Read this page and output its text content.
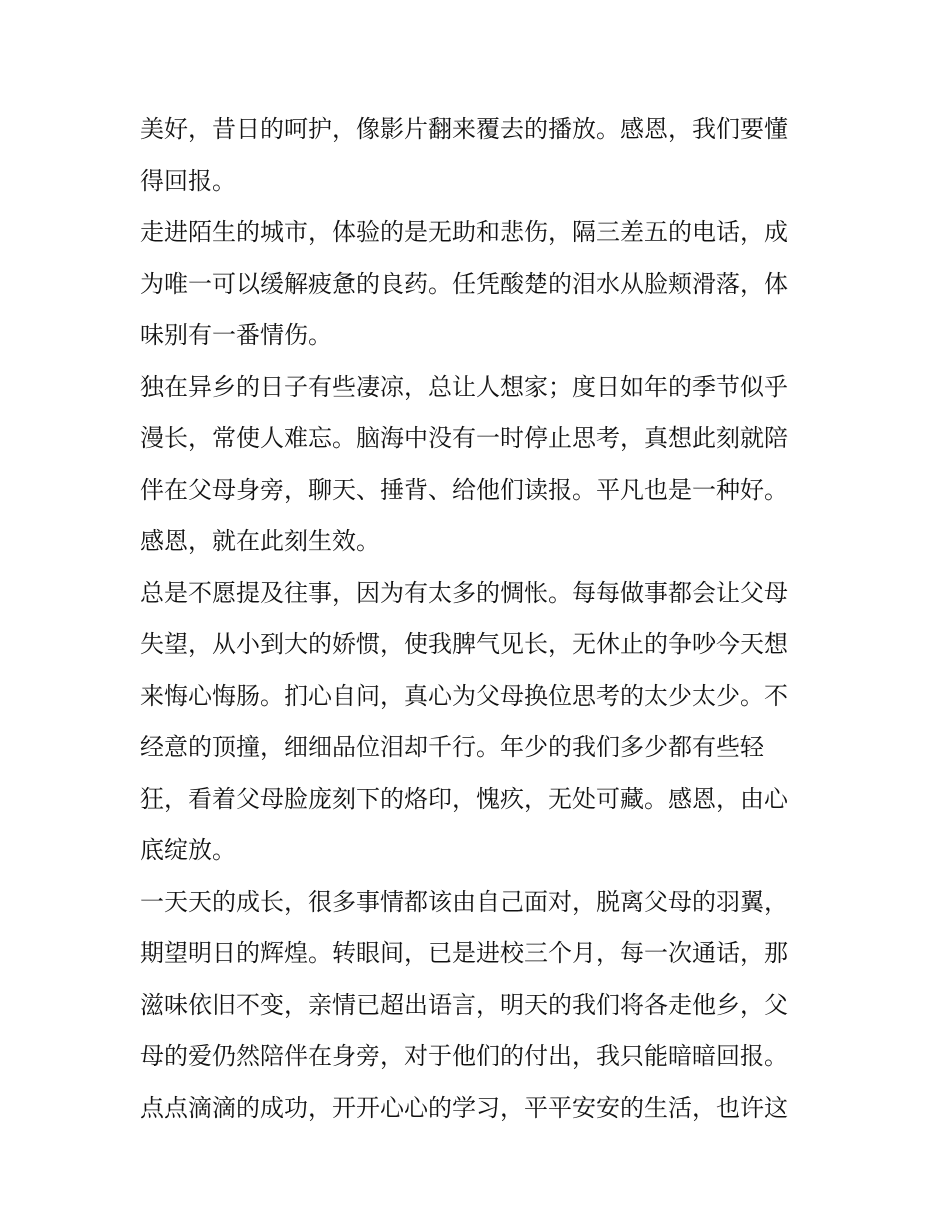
美好，昔日的呵护，像影片翻来覆去的播放。感恩，我们要懂
得回报。
走进陌生的城市，体验的是无助和悲伤，隔三差五的电话，成
为唯一可以缓解疲惫的良药。任凭酸楚的泪水从脸颊滑落，体
味别有一番情伤。
独在异乡的日子有些凄凉，总让人想家；度日如年的季节似乎
漫长，常使人难忘。脑海中没有一时停止思考，真想此刻就陪
伴在父母身旁，聊天、捶背、给他们读报。平凡也是一种好。
感恩，就在此刻生效。
总是不愿提及往事，因为有太多的惆怅。每每做事都会让父母
失望，从小到大的娇惯，使我脾气见长，无休止的争吵今天想
来悔心悔肠。扪心自问，真心为父母换位思考的太少太少。不
经意的顶撞，细细品位泪却千行。年少的我们多少都有些轻
狂，看着父母脸庞刻下的烙印，愧疚，无处可藏。感恩，由心
底绽放。
一天天的成长，很多事情都该由自己面对，脱离父母的羽翼，
期望明日的辉煌。转眼间，已是进校三个月，每一次通话，那
滋味依旧不变，亲情已超出语言，明天的我们将各走他乡，父
母的爱仍然陪伴在身旁，对于他们的付出，我只能暗暗回报。
点点滴滴的成功，开开心心的学习，平平安安的生活，也许这
